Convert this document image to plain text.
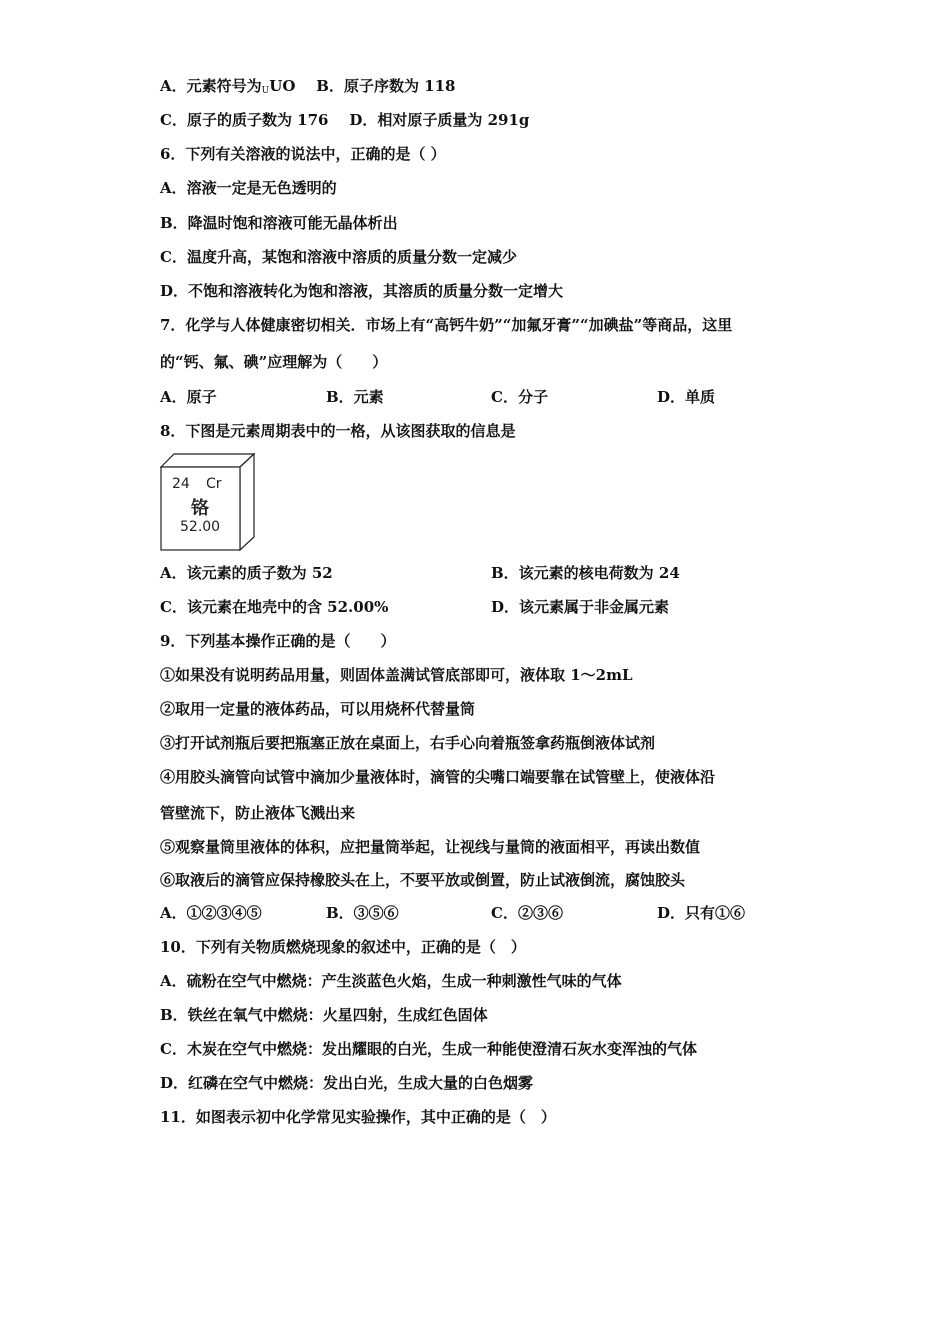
A．元素符号为$_U$UO B．原子序数为 118
C．原子的质子数为 176 D．相对原子质量为 291g
6．下列有关溶液的说法中，正确的是（ ）
A．溶液一定是无色透明的
B．降温时饱和溶液可能无晶体析出
C．温度升高，某饱和溶液中溶质的质量分数一定减少
D．不饱和溶液转化为饱和溶液，其溶质的质量分数一定增大
7．化学与人体健康密切相关．市场上有“高钙牛奶”“加氟牙膏”“加碘盐”等商品，这里
的“钙、氟、碘”应理解为（　　）
A．原子	B．元素	C．分子	D．单质
8．下图是元素周期表中的一格，从该图获取的信息是
24 Cr
铬
52.00
A．该元素的质子数为 52	B．该元素的核电荷数为 24
C．该元素在地壳中的含 52.00%	D．该元素属于非金属元素
9．下列基本操作正确的是（　　）
①如果没有说明药品用量，则固体盖满试管底部即可，液体取 1～2mL
②取用一定量的液体药品，可以用烧杯代替量筒
③打开试剂瓶后要把瓶塞正放在桌面上，右手心向着瓶签拿药瓶倒液体试剂
④用胶头滴管向试管中滴加少量液体时，滴管的尖嘴口端要靠在试管壁上，使液体沿
管壁流下，防止液体飞溅出来
⑤观察量筒里液体的体积，应把量筒举起，让视线与量筒的液面相平，再读出数值
⑥取液后的滴管应保持橡胶头在上，不要平放或倒置，防止试液倒流，腐蚀胶头
A．①②③④⑤	B．③⑤⑥	C．②③⑥	D．只有①⑥
10．下列有关物质燃烧现象的叙述中，正确的是（　）
A．硫粉在空气中燃烧：产生淡蓝色火焰，生成一种刺激性气味的气体
B．铁丝在氧气中燃烧：火星四射，生成红色固体
C．木炭在空气中燃烧：发出耀眼的白光，生成一种能使澄清石灰水变浑浊的气体
D．红磷在空气中燃烧：发出白光，生成大量的白色烟雾
11．如图表示初中化学常见实验操作，其中正确的是（　）
